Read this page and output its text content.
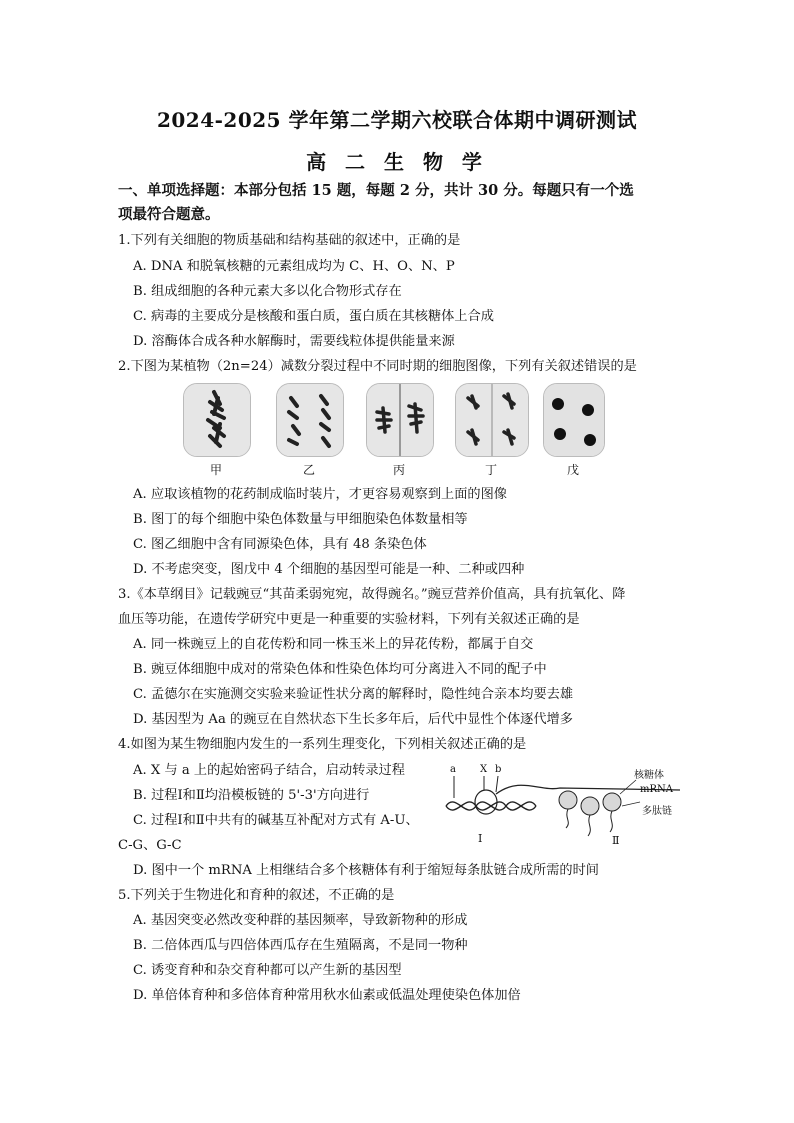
2024-2025 学年第二学期六校联合体期中调研测试
高 二 生 物 学
一、单项选择题：本部分包括 15 题，每题 2 分，共计 30 分。每题只有一个选
项最符合题意。
1.下列有关细胞的物质基础和结构基础的叙述中，正确的是
A. DNA 和脱氧核糖的元素组成均为 C、H、O、N、P
B. 组成细胞的各种元素大多以化合物形式存在
C. 病毒的主要成分是核酸和蛋白质，蛋白质在其核糖体上合成
D. 溶酶体合成各种水解酶时，需要线粒体提供能量来源
2.下图为某植物（2n=24）减数分裂过程中不同时期的细胞图像，下列有关叙述错误的是
甲	乙	丙	丁	戊
A. 应取该植物的花药制成临时装片，才更容易观察到上面的图像
B. 图丁的每个细胞中染色体数量与甲细胞染色体数量相等
C. 图乙细胞中含有同源染色体，具有 48 条染色体
D. 不考虑突变，图戊中 4 个细胞的基因型可能是一种、二种或四种
3.《本草纲目》记载豌豆“其苗柔弱宛宛，故得豌名。”豌豆营养价值高，具有抗氧化、降
血压等功能，在遗传学研究中更是一种重要的实验材料，下列有关叙述正确的是
A. 同一株豌豆上的自花传粉和同一株玉米上的异花传粉，都属于自交
B. 豌豆体细胞中成对的常染色体和性染色体均可分离进入不同的配子中
C. 孟德尔在实施测交实验来验证性状分离的解释时，隐性纯合亲本均要去雄
D. 基因型为 Aa 的豌豆在自然状态下生长多年后，后代中显性个体逐代增多
4.如图为某生物细胞内发生的一系列生理变化，下列相关叙述正确的是
A. X 与 a 上的起始密码子结合，启动转录过程
B. 过程Ⅰ和Ⅱ均沿模板链的 5'-3'方向进行
C. 过程Ⅰ和Ⅱ中共有的碱基互补配对方式有 A-U、
C-G、G-C
D. 图中一个 mRNA 上相继结合多个核糖体有利于缩短每条肽链合成所需的时间
a X b
核糖体
mRNA
多肽链
Ⅰ	Ⅱ
5.下列关于生物进化和育种的叙述，不正确的是
A. 基因突变必然改变种群的基因频率，导致新物种的形成
B. 二倍体西瓜与四倍体西瓜存在生殖隔离，不是同一物种
C. 诱变育种和杂交育种都可以产生新的基因型
D. 单倍体育种和多倍体育种常用秋水仙素或低温处理使染色体加倍
